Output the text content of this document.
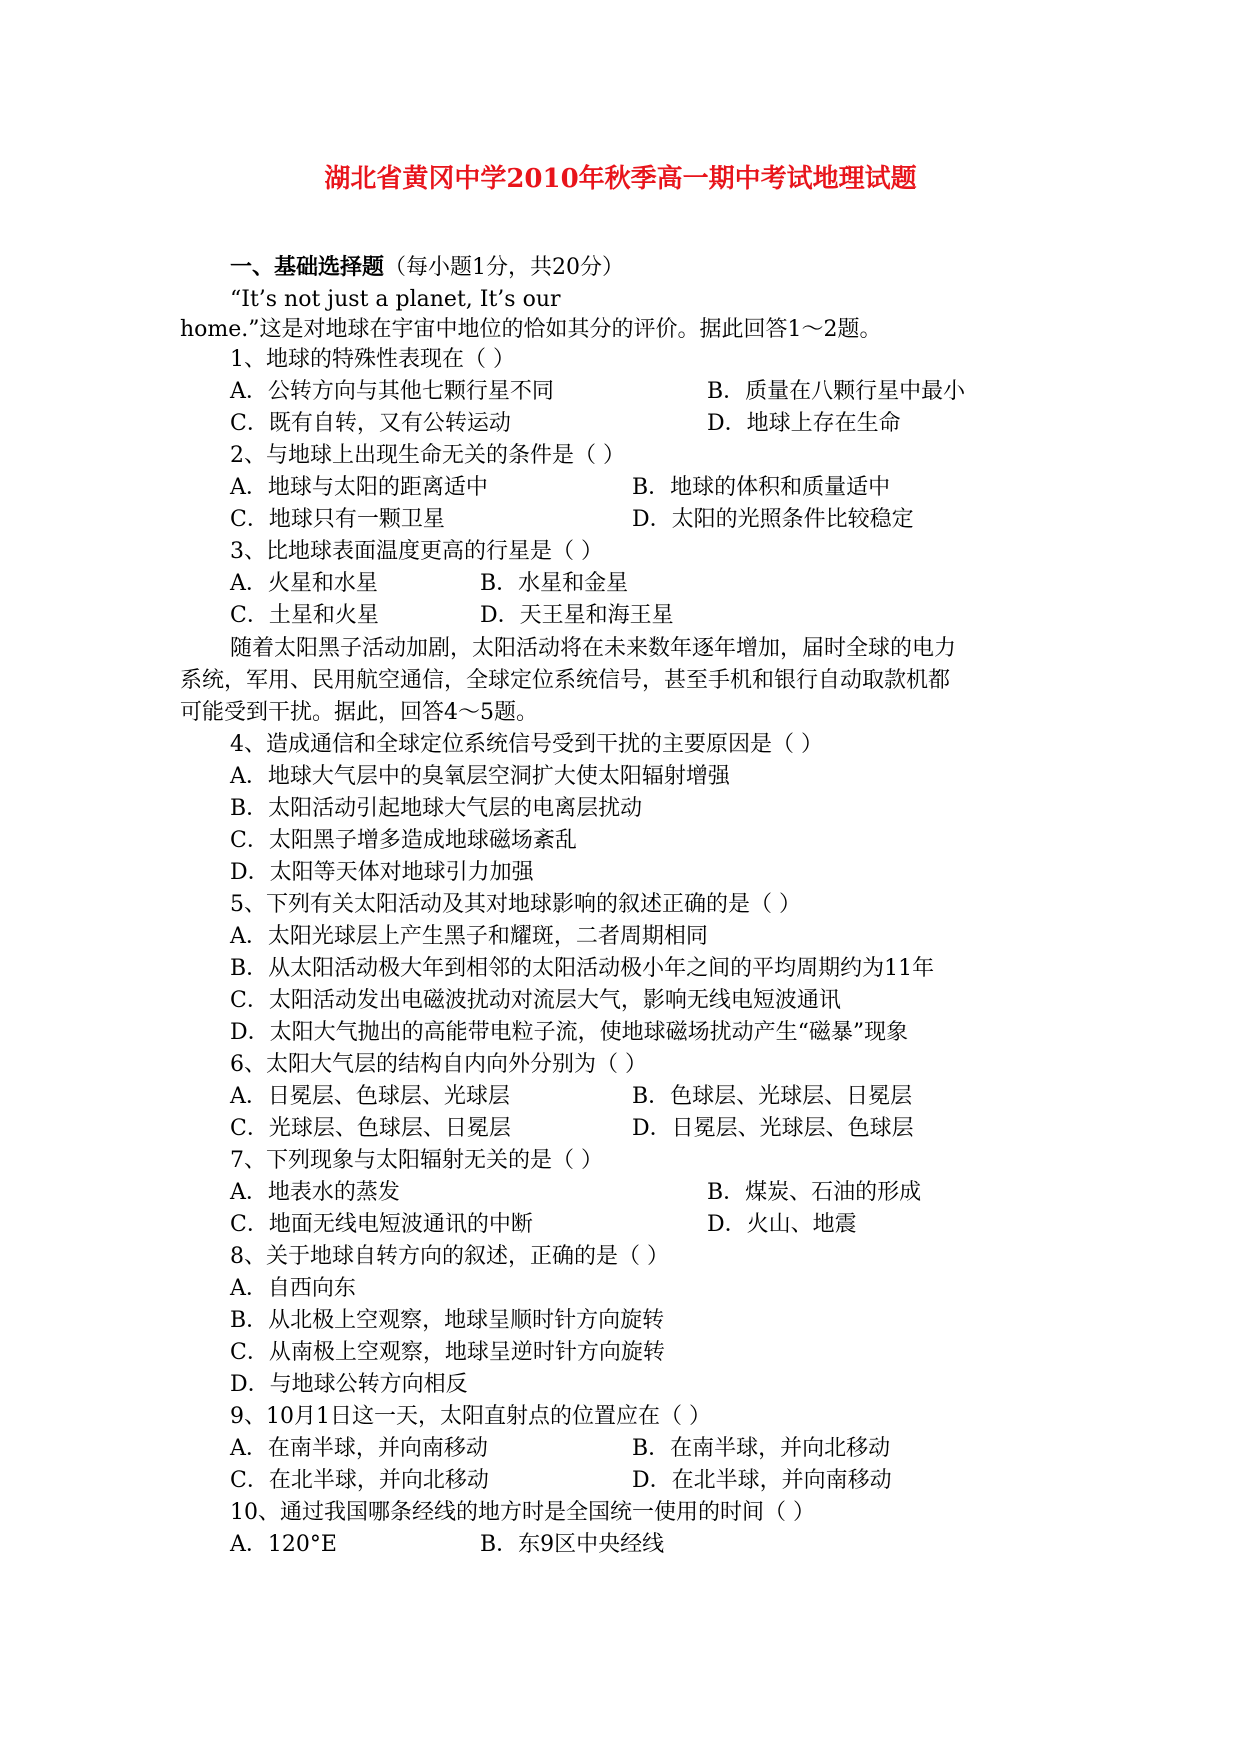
湖北省黄冈中学2010年秋季高一期中考试地理试题
一、基础选择题（每小题1分，共20分）
“It’s not just a planet, It’s our
home.”这是对地球在宇宙中地位的恰如其分的评价。据此回答1～2题。
1、地球的特殊性表现在（ ）
A．公转方向与其他七颗行星不同	B．质量在八颗行星中最小
C．既有自转，又有公转运动	D．地球上存在生命
2、与地球上出现生命无关的条件是（ ）
A．地球与太阳的距离适中	B．地球的体积和质量适中
C．地球只有一颗卫星	D．太阳的光照条件比较稳定
3、比地球表面温度更高的行星是（ ）
A．火星和水星	B．水星和金星
C．土星和火星	D．天王星和海王星
随着太阳黑子活动加剧，太阳活动将在未来数年逐年增加，届时全球的电力
系统，军用、民用航空通信，全球定位系统信号，甚至手机和银行自动取款机都
可能受到干扰。据此，回答4～5题。
4、造成通信和全球定位系统信号受到干扰的主要原因是（ ）
A．地球大气层中的臭氧层空洞扩大使太阳辐射增强
B．太阳活动引起地球大气层的电离层扰动
C．太阳黑子增多造成地球磁场紊乱
D．太阳等天体对地球引力加强
5、下列有关太阳活动及其对地球影响的叙述正确的是（ ）
A．太阳光球层上产生黑子和耀斑，二者周期相同
B．从太阳活动极大年到相邻的太阳活动极小年之间的平均周期约为11年
C．太阳活动发出电磁波扰动对流层大气，影响无线电短波通讯
D．太阳大气抛出的高能带电粒子流，使地球磁场扰动产生“磁暴”现象
6、太阳大气层的结构自内向外分别为（ ）
A．日冕层、色球层、光球层	B．色球层、光球层、日冕层
C．光球层、色球层、日冕层	D．日冕层、光球层、色球层
7、下列现象与太阳辐射无关的是（ ）
A．地表水的蒸发	B．煤炭、石油的形成
C．地面无线电短波通讯的中断	D．火山、地震
8、关于地球自转方向的叙述，正确的是（ ）
A．自西向东
B．从北极上空观察，地球呈顺时针方向旋转
C．从南极上空观察，地球呈逆时针方向旋转
D．与地球公转方向相反
9、10月1日这一天，太阳直射点的位置应在（ ）
A．在南半球，并向南移动	B．在南半球，并向北移动
C．在北半球，并向北移动	D．在北半球，并向南移动
10、通过我国哪条经线的地方时是全国统一使用的时间（ ）
A．120°E	B．东9区中央经线
